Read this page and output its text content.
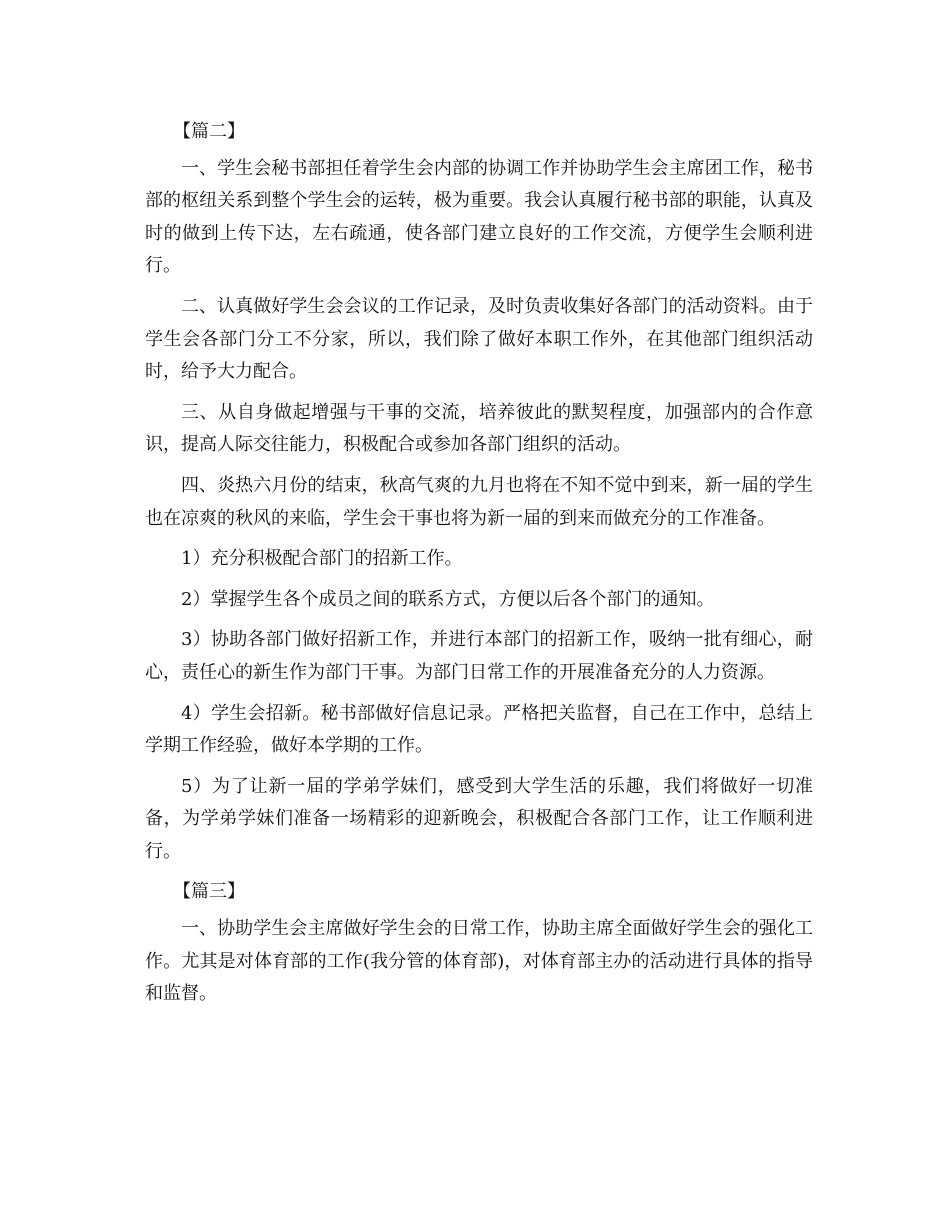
【篇二】

一、学生会秘书部担任着学生会内部的协调工作并协助学生会主席团工作，秘书部的枢纽关系到整个学生会的运转，极为重要。我会认真履行秘书部的职能，认真及时的做到上传下达，左右疏通，使各部门建立良好的工作交流，方便学生会顺利进行。

二、认真做好学生会会议的工作记录，及时负责收集好各部门的活动资料。由于学生会各部门分工不分家，所以，我们除了做好本职工作外，在其他部门组织活动时，给予大力配合。

三、从自身做起增强与干事的交流，培养彼此的默契程度，加强部内的合作意识，提高人际交往能力，积极配合或参加各部门组织的活动。

四、炎热六月份的结束，秋高气爽的九月也将在不知不觉中到来，新一届的学生也在凉爽的秋风的来临，学生会干事也将为新一届的到来而做充分的工作准备。

1）充分积极配合部门的招新工作。

2）掌握学生各个成员之间的联系方式，方便以后各个部门的通知。

3）协助各部门做好招新工作，并进行本部门的招新工作，吸纳一批有细心，耐心，责任心的新生作为部门干事。为部门日常工作的开展准备充分的人力资源。

4）学生会招新。秘书部做好信息记录。严格把关监督，自己在工作中，总结上学期工作经验，做好本学期的工作。

5）为了让新一届的学弟学妹们，感受到大学生活的乐趣，我们将做好一切准备，为学弟学妹们准备一场精彩的迎新晚会，积极配合各部门工作，让工作顺利进行。

【篇三】

一、协助学生会主席做好学生会的日常工作，协助主席全面做好学生会的强化工作。尤其是对体育部的工作(我分管的体育部)，对体育部主办的活动进行具体的指导和监督。
